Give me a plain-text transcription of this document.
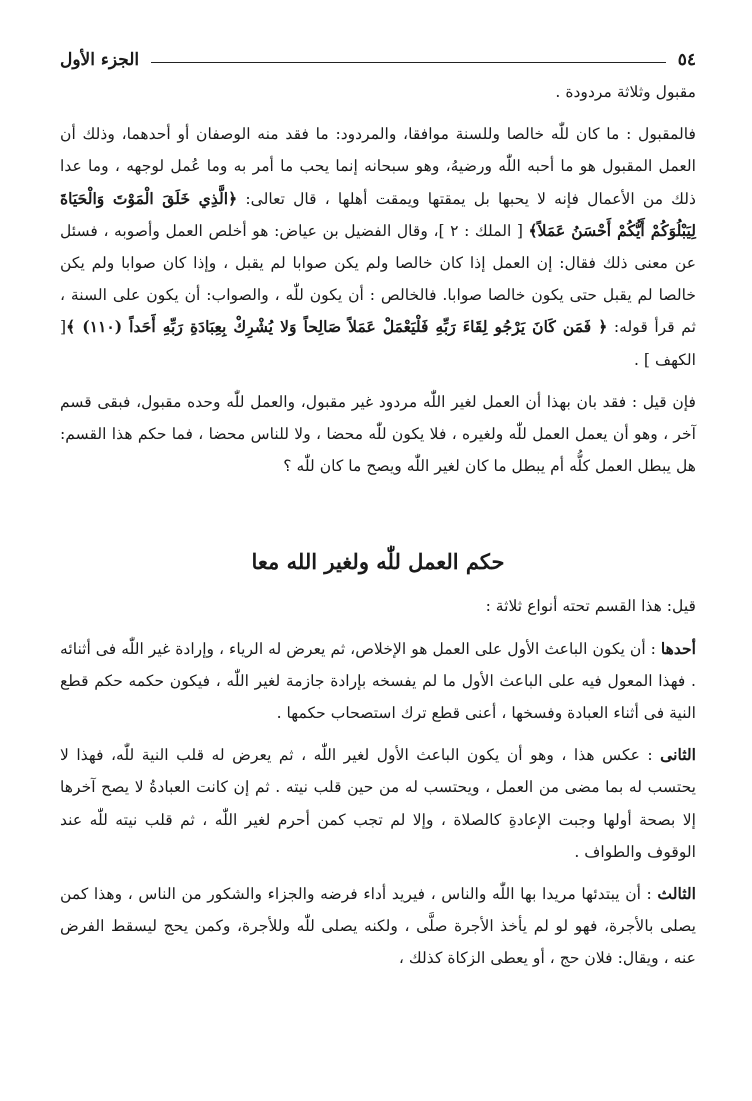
٥٤
الجزء الأول

مقبول وثلاثة مردودة .

فالمقبول : ما كان للّٰه خالصا وللسنة موافقا، والمردود: ما فقد منه الوصفان أو أحدهما، وذلك أن العمل المقبول هو ما أحبه اللّٰه ورضيهُ، وهو سبحانه إنما يحب ما أمر به وما عُمل لوجهه ، وما عدا ذلك من الأعمال فإنه لا يحبها بل يمقتها ويمقت أهلها ، قال تعالى: ﴿الَّذِي خَلَقَ الْمَوْتَ وَالْحَيَاةَ لِيَبْلُوَكُمْ أَيُّكُمْ أَحْسَنُ عَمَلاً﴾ [ الملك : ٢ ]، وقال الفضيل بن عياض: هو أخلص العمل وأصوبه ، فسئل عن معنى ذلك فقال: إن العمل إذا كان خالصا ولم يكن صوابا لم يقبل ، وإذا كان صوابا ولم يكن خالصا لم يقبل حتى يكون خالصا صوابا. فالخالص : أن يكون للّٰه ، والصواب: أن يكون على السنة ، ثم قرأ قوله: ﴿ فَمَن كَانَ يَرْجُو لِقَاءَ رَبِّهِ فَلْيَعْمَلْ عَمَلاً صَالِحاً وَلا يُشْرِكْ بِعِبَادَةِ رَبِّهِ أَحَداً (١١٠) ﴾[ الكهف ] .

فإن قيل : فقد بان بهذا أن العمل لغير اللّٰه مردود غير مقبول، والعمل للّٰه وحده مقبول، فبقى قسم آخر ، وهو أن يعمل العمل للّٰه ولغيره ، فلا يكون للّٰه محضا ، ولا للناس محضا ، فما حكم هذا القسم: هل يبطل العمل كلُّه أم يبطل ما كان لغير اللّٰه ويصح ما كان للّٰه ؟

حكم العمل للّٰه ولغير الله معا

قيل: هذا القسم تحته أنواع ثلاثة :

أحدها : أن يكون الباعث الأول على العمل هو الإخلاص، ثم يعرض له الرياء ، وإرادة غير اللّٰه فى أثنائه . فهذا المعول فيه على الباعث الأول ما لم يفسخه بإرادة جازمة لغير اللّٰه ، فيكون حكمه حكم قطع النية فى أثناء العبادة وفسخها ، أعنى قطع ترك استصحاب حكمها .

الثانى : عكس هذا ، وهو أن يكون الباعث الأول لغير اللّٰه ، ثم يعرض له قلب النية للّٰه، فهذا لا يحتسب له بما مضى من العمل ، ويحتسب له من حين قلب نيته . ثم إن كانت العبادةُ لا يصح آخرها إلا بصحة أولها وجبت الإعادةِ كالصلاة ، وإلا لم تجب كمن أحرم لغير اللّٰه ، ثم قلب نيته للّٰه عند الوقوف والطواف .

الثالث : أن يبتدئها مريدا بها اللّٰه والناس ، فيريد أداء فرضه والجزاء والشكور من الناس ، وهذا كمن يصلى بالأجرة، فهو لو لم يأخذ الأجرة صلَّى ، ولكنه يصلى للّٰه وللأجرة، وكمن يحج ليسقط الفرض عنه ، ويقال: فلان حج ، أو يعطى الزكاة كذلك ،
